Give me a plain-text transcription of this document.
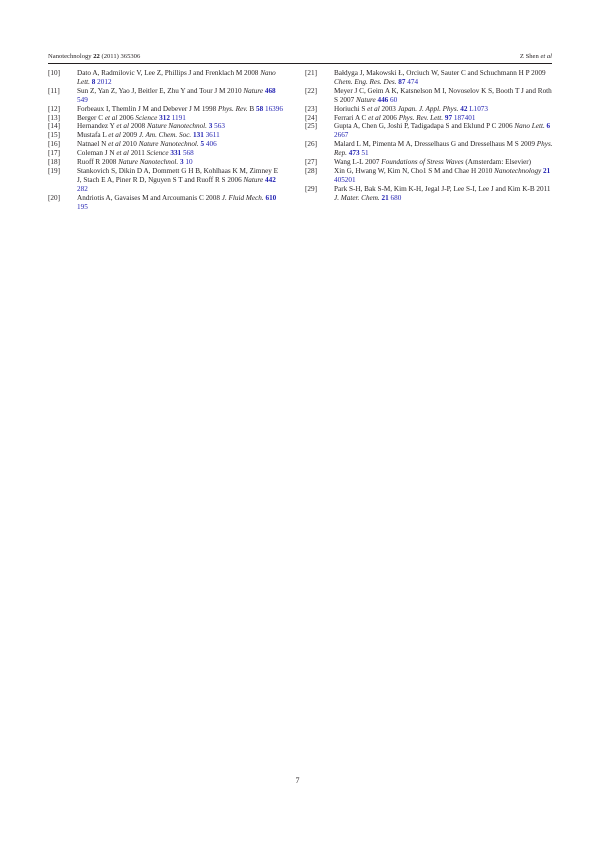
Nanotechnology 22 (2011) 365306	Z Shen et al
[10] Dato A, Radmilovic V, Lee Z, Phillips J and Frenklach M 2008 Nano Lett. 8 2012
[11] Sun Z, Yan Z, Yao J, Beitler E, Zhu Y and Tour J M 2010 Nature 468 549
[12] Forbeaux I, Themlin J M and Debever J M 1998 Phys. Rev. B 58 16396
[13] Berger C et al 2006 Science 312 1191
[14] Hernandez Y et al 2008 Nature Nanotechnol. 3 563
[15] Mustafa L et al 2009 J. Am. Chem. Soc. 131 3611
[16] Natnael N et al 2010 Nature Nanotechnol. 5 406
[17] Coleman J N et al 2011 Science 331 568
[18] Ruoff R 2008 Nature Nanotechnol. 3 10
[19] Stankovich S, Dikin D A, Dommett G H B, Kohlhaas K M, Zimney E J, Stach E A, Piner R D, Nguyen S T and Ruoff R S 2006 Nature 442 282
[20] Andriotis A, Gavaises M and Arcoumanis C 2008 J. Fluid Mech. 610 195
[21] Bałdyga J, Makowski Ł, Orciuch W, Sauter C and Schuchmann H P 2009 Chem. Eng. Res. Des. 87 474
[22] Meyer J C, Geim A K, Katsnelson M I, Novoselov K S, Booth T J and Roth S 2007 Nature 446 60
[23] Horiuchi S et al 2003 Japan. J. Appl. Phys. 42 L1073
[24] Ferrari A C et al 2006 Phys. Rev. Lett. 97 187401
[25] Gupta A, Chen G, Joshi P, Tadigadapa S and Eklund P C 2006 Nano Lett. 6 2667
[26] Malard L M, Pimenta M A, Dresselhaus G and Dresselhaus M S 2009 Phys. Rep. 473 51
[27] Wang L-L 2007 Foundations of Stress Waves (Amsterdam: Elsevier)
[28] Xin G, Hwang W, Kim N, Cho1 S M and Chae H 2010 Nanotechnology 21 405201
[29] Park S-H, Bak S-M, Kim K-H, Jegal J-P, Lee S-I, Lee J and Kim K-B 2011 J. Mater. Chem. 21 680
7
